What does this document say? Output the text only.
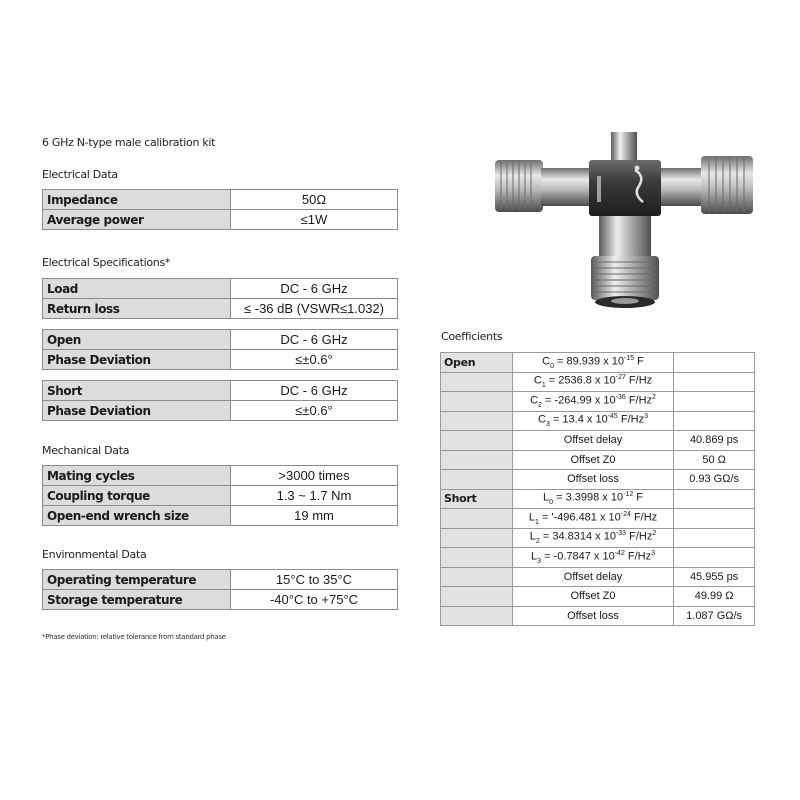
6 GHz N-type male calibration kit
Electrical Data
Impedance	50Ω
Average power	≤1W
Electrical Specifications*
Load	DC - 6 GHz
Return loss	≤ -36 dB (VSWR≤1.032)
Open	DC - 6 GHz
Phase Deviation	≤±0.6°
Short	DC - 6 GHz
Phase Deviation	≤±0.6°
Mechanical Data
Mating cycles	>3000 times
Coupling torque	1.3 ~ 1.7 Nm
Open-end wrench size	19 mm
Environmental Data
Operating temperature	15°C to 35°C
Storage temperature	-40°C to +75°C
*Phase deviation: relative tolerance from standard phase
Coefficients
Open	$C_0 = 89.939$ x $10^{-15}$ F	
	$C_1 = 2536.8$ x $10^{-27}$ F/Hz	
	$C_2 = -264.99$ x $10^{-36}$ F/Hz$^2$	
	$C_3 = 13.4$ x $10^{-45}$ F/Hz$^3$	
	Offset delay	40.869 ps
	Offset Z0	50 Ω
	Offset loss	0.93 GΩ/s
Short	$L_0 = 3.3998$ x $10^{-12}$ F	
	$L_1$ = '-496.481 x $10^{-24}$ F/Hz	
	$L_2 = 34.8314$ x $10^{-33}$ F/Hz$^2$	
	$L_3 = -0.7847$ x $10^{-42}$ F/Hz$^3$	
	Offset delay	45.955 ps
	Offset Z0	49.99 Ω
	Offset loss	1.087 GΩ/s
